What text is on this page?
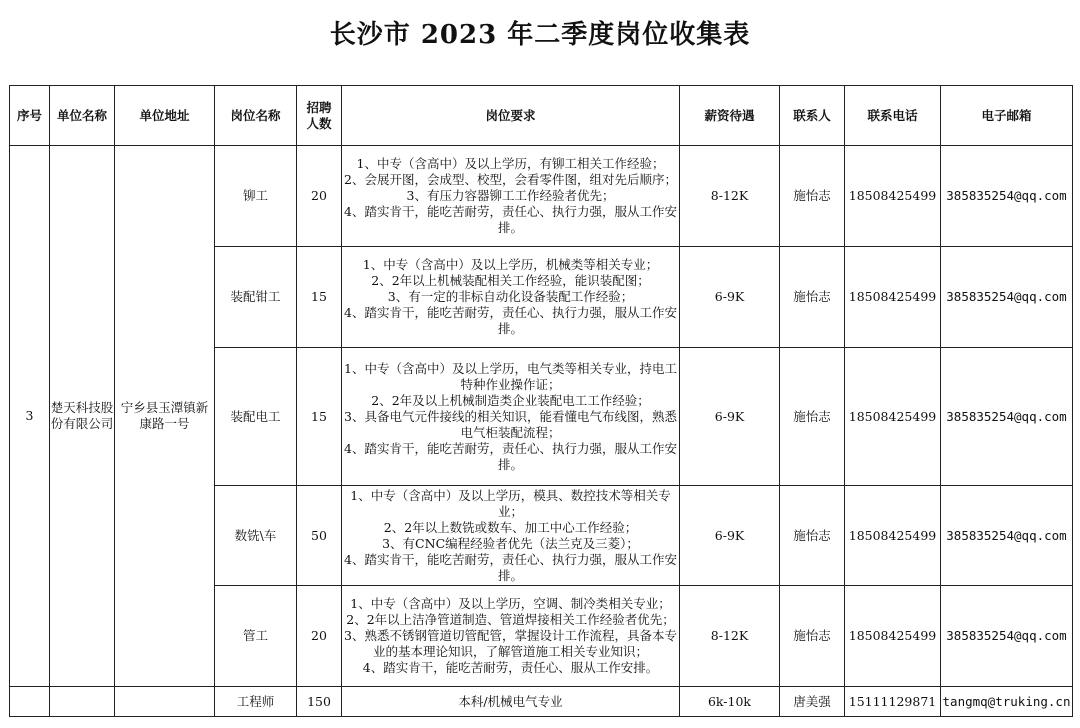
长沙市 2023 年二季度岗位收集表
序号	单位名称	单位地址	岗位名称	招聘
人数	岗位要求	薪资待遇	联系人	联系电话	电子邮箱
3	楚天科技股份有限公司	宁乡县玉潭镇新康路一号	铆工	20	1、中专（含高中）及以上学历，有铆工相关工作经验；
2、会展开图，会成型、校型，会看零件图，组对先后顺序；
3、有压力容器铆工工作经验者优先；
4、踏实肯干，能吃苦耐劳，责任心、执行力强，服从工作安排。	8-12K	施怡志	18508425499	385835254@qq.com
			装配钳工	15	1、中专（含高中）及以上学历，机械类等相关专业；
2、2年以上机械装配相关工作经验，能识装配图；
3、有一定的非标自动化设备装配工作经验；
4、踏实肯干，能吃苦耐劳，责任心、执行力强，服从工作安排。	6-9K	施怡志	18508425499	385835254@qq.com
			装配电工	15	1、中专（含高中）及以上学历，电气类等相关专业，持电工特种作业操作证；
2、2年及以上机械制造类企业装配电工工作经验；
3、具备电气元件接线的相关知识，能看懂电气布线图，熟悉电气柜装配流程；
4、踏实肯干，能吃苦耐劳，责任心、执行力强，服从工作安排。	6-9K	施怡志	18508425499	385835254@qq.com
			数铣\车	50	1、中专（含高中）及以上学历，模具、数控技术等相关专业；
2、2年以上数铣或数车、加工中心工作经验；
3、有CNC编程经验者优先（法兰克及三菱）；
4、踏实肯干，能吃苦耐劳，责任心、执行力强，服从工作安排。	6-9K	施怡志	18508425499	385835254@qq.com
			管工	20	1、中专（含高中）及以上学历，空调、制冷类相关专业；
2、2年以上洁净管道制造、管道焊接相关工作经验者优先；
3、熟悉不锈钢管道切管配管，掌握设计工作流程，具备本专业的基本理论知识，了解管道施工相关专业知识；
4、踏实肯干，能吃苦耐劳，责任心、服从工作安排。	8-12K	施怡志	18508425499	385835254@qq.com
			工程师	150	本科/机械电气专业	6k-10k	唐美强	15111129871	tangmq@truking.cn
